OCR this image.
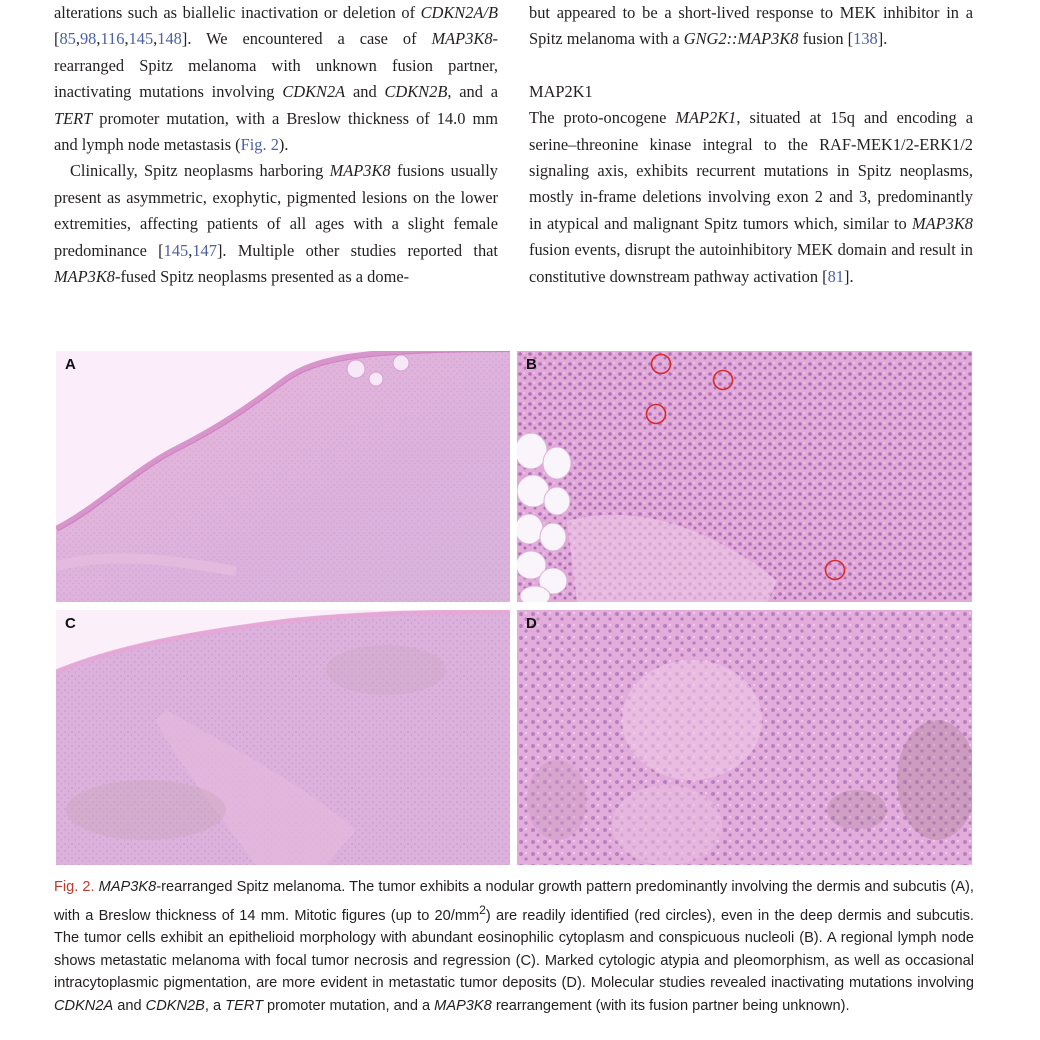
alterations such as biallelic inactivation or deletion of CDKN2A/B [85,98,116,145,148]. We encountered a case of MAP3K8-rearranged Spitz melanoma with unknown fusion partner, inactivating mutations involving CDKN2A and CDKN2B, and a TERT promoter mutation, with a Breslow thickness of 14.0 mm and lymph node metastasis (Fig. 2).

Clinically, Spitz neoplasms harboring MAP3K8 fusions usually present as asymmetric, exophytic, pigmented lesions on the lower extremities, affecting patients of all ages with a slight female predominance [145,147]. Multiple other studies reported that MAP3K8-fused Spitz neoplasms presented as a dome-

but appeared to be a short-lived response to MEK inhibitor in a Spitz melanoma with a GNG2::MAP3K8 fusion [138].

MAP2K1

The proto-oncogene MAP2K1, situated at 15q and encoding a serine–threonine kinase integral to the RAF-MEK1/2-ERK1/2 signaling axis, exhibits recurrent mutations in Spitz neoplasms, mostly in-frame deletions involving exon 2 and 3, predominantly in atypical and malignant Spitz tumors which, similar to MAP3K8 fusion events, disrupt the autoinhibitory MEK domain and result in constitutive downstream pathway activation [81].

A	B
C	D
Fig. 2. MAP3K8-rearranged Spitz melanoma. The tumor exhibits a nodular growth pattern predominantly involving the dermis and subcutis (A), with a Breslow thickness of 14 mm. Mitotic figures (up to $20/mm^2$) are readily identified (red circles), even in the deep dermis and subcutis. The tumor cells exhibit an epithelioid morphology with abundant eosinophilic cytoplasm and conspicuous nucleoli (B). A regional lymph node shows metastatic melanoma with focal tumor necrosis and regression (C). Marked cytologic atypia and pleomorphism, as well as occasional intracytoplasmic pigmentation, are more evident in metastatic tumor deposits (D). Molecular studies revealed inactivating mutations involving CDKN2A and CDKN2B, a TERT promoter mutation, and a MAP3K8 rearrangement (with its fusion partner being unknown).
